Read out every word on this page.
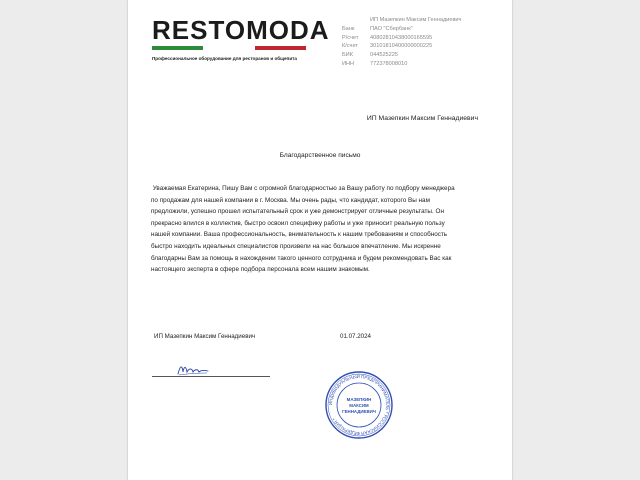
RESTOMODA
Профессиональное оборудование для ресторанов и общепита
ИП Мазепкин Максим Геннадиевич
Банк	ПАО "Сбербанк"
Р/счет	40802810438000165595
К/счет	30101810400000000225
БИК	044525225
ИНН	772378008010
ИП Мазепкин Максим Геннадиевич
Благодарственное письмо
Уважаемая Екатерина, Пишу Вам с огромной благодарностью за Вашу работу по подбору менеджера
по продажам для нашей компании в г. Москва. Мы очень рады, что кандидат, которого Вы нам
предложили, успешно прошел испытательный срок и уже демонстрирует отличные результаты. Он
прекрасно влился в коллектив, быстро освоил специфику работы и уже приносит реальную пользу
нашей компании. Ваша профессиональность, внимательность к нашим требованиям и способность
быстро находить идеальных специалистов произвели на нас большое впечатление. Мы искренне
благодарны Вам за помощь в нахождении такого ценного сотрудника и будем рекомендовать Вас как
настоящего эксперта в сфере подбора персонала всем нашим знакомым.
ИП Мазепкин Максим Геннадиевич	01.07.2024
ИНДИВИДУАЛЬНЫЙ ПРЕДПРИНИМАТЕЛЬ * РОССИЙСКАЯ ФЕДЕРАЦИЯ *
МАЗЕПКИН
МАКСИМ
ГЕННАДИЕВИЧ
